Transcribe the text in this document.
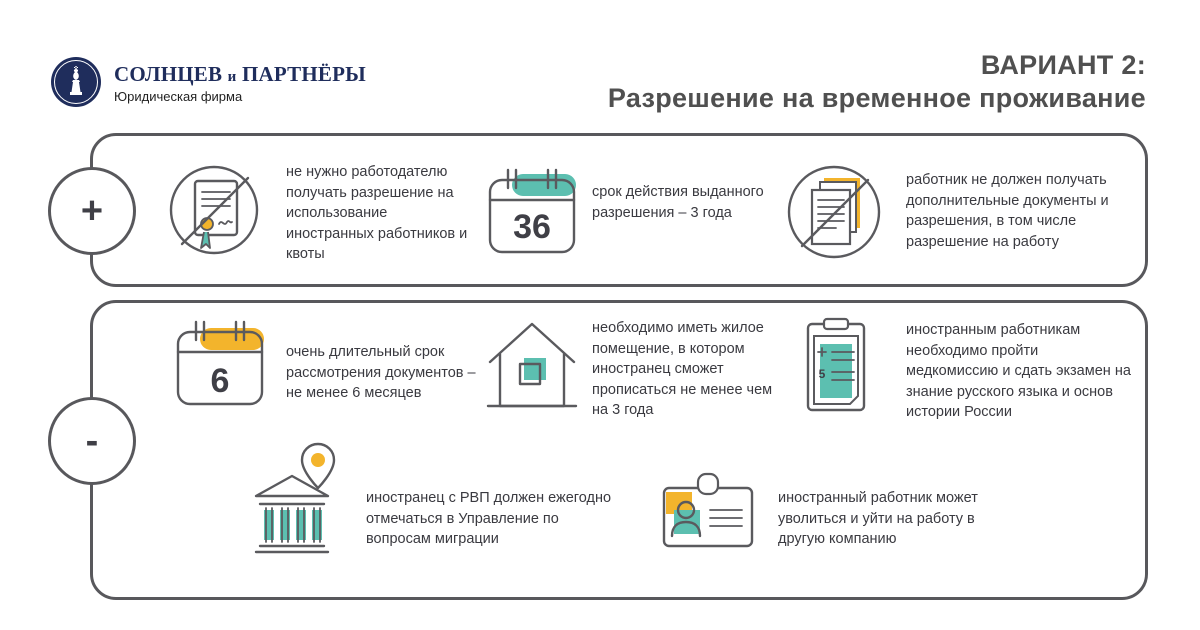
СОЛНЦЕВ и ПАРТНЁРЫ
Юридическая фирма
ВАРИАНТ 2:
Разрешение на временное проживание
+
-
не нужно работодателю получать разрешение на использование иностранных работников и квоты
36
срок действия выданного разрешения – 3 года
работник не должен получать дополнительные документы и разрешения, в том числе разрешение на работу
6
очень длительный срок рассмотрения документов – не менее 6 месяцев
необходимо иметь жилое помещение, в котором иностранец сможет прописаться не менее чем на 3 года
5
иностранным работникам необходимо пройти медкомиссию и сдать экзамен на знание русского языка и основ истории России
иностранец с РВП должен ежегодно отмечаться в Управление по вопросам миграции
иностранный работник может уволиться и уйти на работу в другую компанию
